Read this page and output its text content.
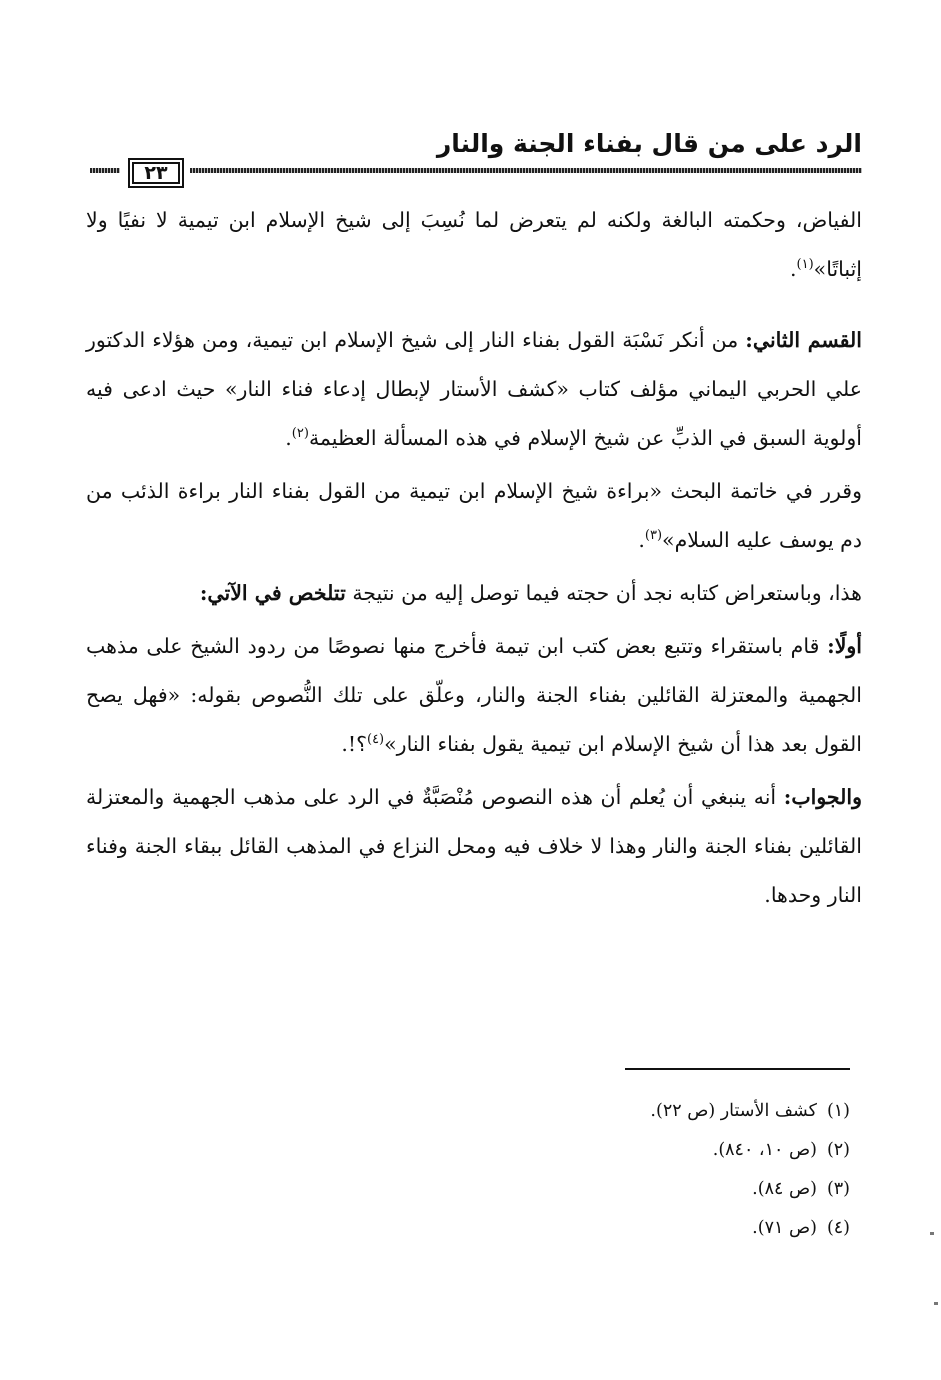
الرد على من قال بفناء الجنة والنار
٢٣

الفياض، وحكمته البالغة ولكنه لم يتعرض لما نُسِبَ إلى شيخ الإسلام ابن تيمية لا نفيًا ولا إثباتًا»$^{(١)}$.

القسم الثاني: من أنكر نَسْبَة القول بفناء النار إلى شيخ الإسلام ابن تيمية، ومن هؤلاء الدكتور علي الحربي اليماني مؤلف كتاب «كشف الأستار لإبطال إدعاء فناء النار» حيث ادعى فيه أولوية السبق في الذبِّ عن شيخ الإسلام في هذه المسألة العظيمة$^{(٢)}$.

وقرر في خاتمة البحث «براءة شيخ الإسلام ابن تيمية من القول بفناء النار براءة الذئب من دم يوسف عليه السلام»$^{(٣)}$.

هذا، وباستعراض كتابه نجد أن حجته فيما توصل إليه من نتيجة تتلخص في الآتي:

أولًا: قام باستقراء وتتبع بعض كتب ابن تيمة فأخرج منها نصوصًا من ردود الشيخ على مذهب الجهمية والمعتزلة القائلين بفناء الجنة والنار، وعلّق على تلك النُّصوص بقوله: «فهل يصح القول بعد هذا أن شيخ الإسلام ابن تيمية يقول بفناء النار»$^{(٤)}$؟!.

والجواب: أنه ينبغي أن يُعلم أن هذه النصوص مُنْصَبَّةٌ في الرد على مذهب الجهمية والمعتزلة القائلين بفناء الجنة والنار وهذا لا خلاف فيه ومحل النزاع في المذهب القائل ببقاء الجنة وفناء النار وحدها.

(١)كشف الأستار (ص ٢٢).
(٢)(ص ١٠، ٨٤٠).
(٣)(ص ٨٤).
(٤)(ص ٧١).
